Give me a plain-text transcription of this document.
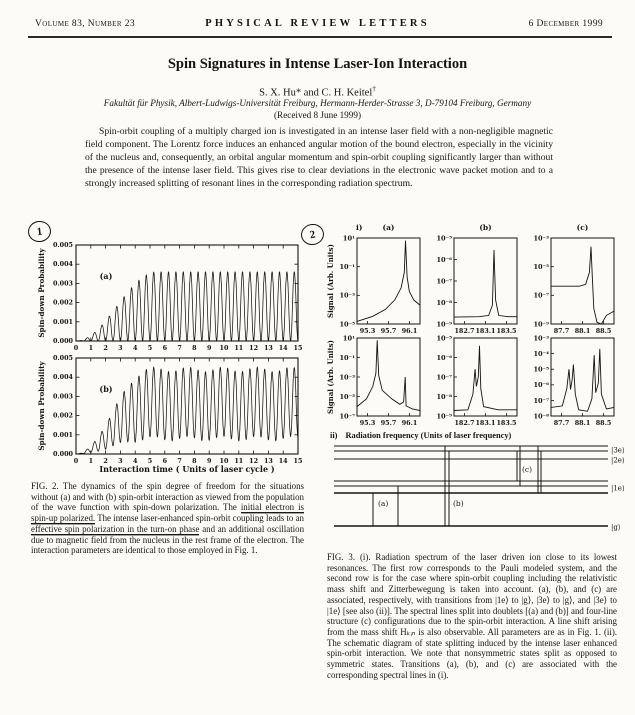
Volume 83, Number 23	PHYSICAL REVIEW LETTERS	6 December 1999
Spin Signatures in Intense Laser-Ion Interaction
S. X. Hu* and C. H. Keitel†
Fakultät für Physik, Albert-Ludwigs-Universität Freiburg, Hermann-Herder-Strasse 3, D-79104 Freiburg, Germany
(Received 8 June 1999)
Spin-orbit coupling of a multiply charged ion is investigated in an intense laser field with a non-negligible magnetic field component. The Lorentz force induces an enhanced angular motion of the bound electron, especially in the vicinity of the nucleus and, consequently, an orbital angular momentum and spin-orbit coupling significantly larger than without the presence of the intense laser field. This gives rise to clear deviations in the electronic wave packet motion and to a strongly increased splitting of resonant lines in the corresponding radiation spectrum.
1	2
0.000
0.001
0.002
0.003
0.004
0.005
0 1 2 3 4 5 6 7 8 9 10 11 12 13 14 15
Spin-down Probability	(a)
0.000
0.001
0.002
0.003
0.004
0.005
0 1 2 3 4 5 6 7 8 9 10 11 12 13 14 15
Spin-down Probability	(b)
Interaction time ( Units of laser cycle )
FIG. 2. The dynamics of the spin degree of freedom for the situations without (a) and with (b) spin-orbit interaction as viewed from the population of the wave function with spin-down polarization. The initial electron is spin-up polarized. The intense laser-enhanced spin-orbit coupling leads to an effective spin polarization in the turn-on phase and an additional oscillation due to magnetic field from the nucleus in the rest frame of the electron. The interaction parameters are identical to those employed in Fig. 1.
i)
Signal (Arb. Units)
(a)
10¹
10⁻¹
10⁻³
10⁻⁵
95.3 95.7 96.1
(b)
10⁻⁵
10⁻⁶
10⁻⁷
10⁻⁸
10⁻⁹
182.7 183.1 183.5
(c)
10⁻³
10⁻⁵
10⁻⁷
10⁻⁹
87.7 88.1 88.5
Signal (Arb. Units)
10¹
10⁻¹
10⁻³
10⁻⁵
10⁻⁷
95.3 95.7 96.1
10⁻⁵
10⁻⁶
10⁻⁷
10⁻⁸
10⁻⁹
182.7 183.1 183.5
10⁻³
10⁻⁴
10⁻⁵
10⁻⁶
10⁻⁷
10⁻⁸
87.7 88.1 88.5
ii) Radiation frequency (Units of laser frequency)
|3e⟩
|2e⟩
|1e⟩
|g⟩
(a)	(b)
(c)
FIG. 3. (i). Radiation spectrum of the laser driven ion close to its lowest resonances. The first row corresponds to the Pauli modeled system, and the second row is for the case where spin-orbit coupling including the relativistic mass shift and Zitterbewegung is taken into account. (a), (b), and (c) are associated, respectively, with transitions from |1e⟩ to |g⟩, |3e⟩ to |g⟩, and |3e⟩ to |1e⟩ [see also (ii)]. The spectral lines split into doublets [(a) and (b)] and four-line structure (c) configurations due to the spin-orbit interaction. A line shift arising from the mass shift Hₖᵢₙ is also observable. All parameters are as in Fig. 1. (ii). The schematic diagram of state splitting induced by the intense laser enhanced spin-orbit interaction. We note that nonsymmetric states split as opposed to symmetric states. Transitions (a), (b), and (c) are associated with the corresponding spectral lines in (i).
